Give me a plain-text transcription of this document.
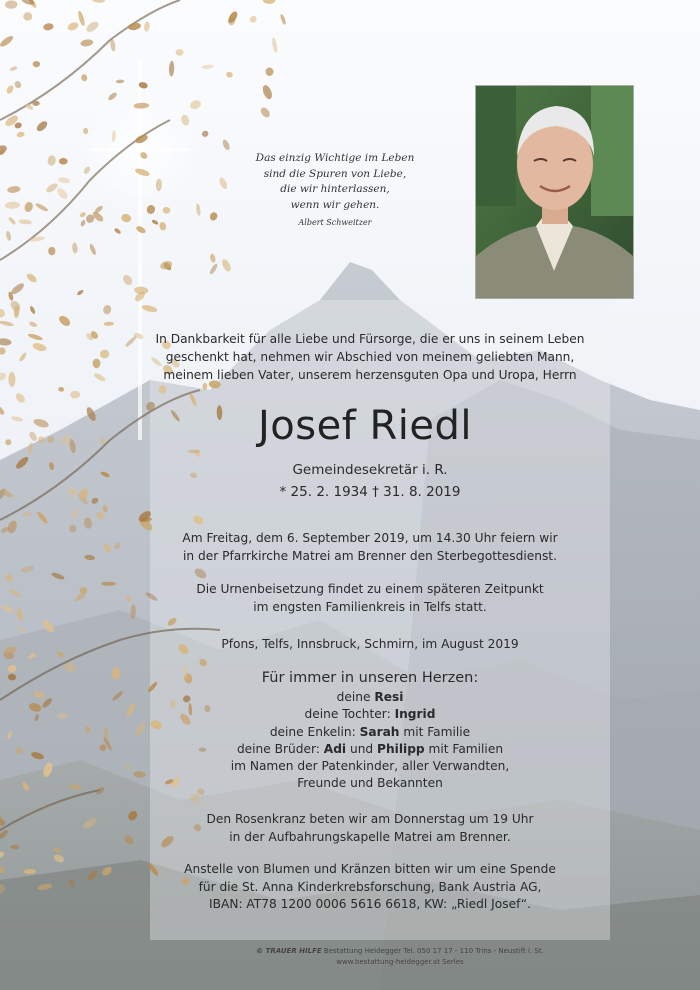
Das einzig Wichtige im Leben
sind die Spuren von Liebe,
die wir hinterlassen,
wenn wir gehen.
Albert Schweitzer
In Dankbarkeit für alle Liebe und Fürsorge, die er uns in seinem Leben
geschenkt hat, nehmen wir Abschied von meinem geliebten Mann,
meinem lieben Vater, unserem herzensguten Opa und Uropa, Herrn
Josef Riedl
Gemeindesekretär i. R.
* 25. 2. 1934 † 31. 8. 2019
Am Freitag, dem 6. September 2019, um 14.30 Uhr feiern wir
in der Pfarrkirche Matrei am Brenner den Sterbegottesdienst.
Die Urnenbeisetzung findet zu einem späteren Zeitpunkt
im engsten Familienkreis in Telfs statt.
Pfons, Telfs, Innsbruck, Schmirn, im August 2019
Für immer in unseren Herzen:
deine Resi
deine Tochter: Ingrid
deine Enkelin: Sarah mit Familie
deine Brüder: Adi und Philipp mit Familien
im Namen der Patenkinder, aller Verwandten,
Freunde und Bekannten
Den Rosenkranz beten wir am Donnerstag um 19 Uhr
in der Aufbahrungskapelle Matrei am Brenner.
Anstelle von Blumen und Kränzen bitten wir um eine Spende
für die St. Anna Kinderkrebsforschung, Bank Austria AG,
IBAN: AT78 1200 0006 5616 6618, KW: „Riedl Josef“.
© TRAUER HILFE Bestattung Heidegger Tel. 050 17 17 - 110 Trins - Neustift i. St.
www.bestattung-heidegger.at Serles
